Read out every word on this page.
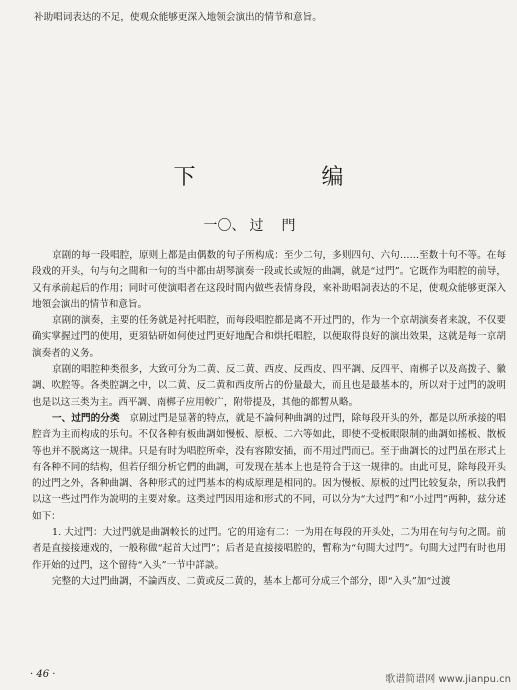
补助唱词表达的不足，使观众能够更深入地领会演出的情节和意旨。

下　编
一〇、 过門

京剧的每一段唱腔，原则上都是由偶数的句子所构成：至少二句，多则四句、六句……至数十句不等。在每段戏的开头，句与句之間和一句的当中都由胡琴演奏一段或长或短的曲調，就是“过門”。它既作为唱腔的前导，又有承前起后的作用；同时可使演唱者在这段时間内做些表情身段，來补助唱詞表达的不足，使观众能够更深入地領会演出的情节和意旨。

京剧的演奏，主要的任务就是衬托唱腔，而每段唱腔都是离不开过門的，作为一个京胡演奏者来說，不仅要确实掌握过門的使用，更須钻研如何使过門更好地配合和烘托唱腔，以便取得良好的演出效果，这就是每一京胡演奏者的义务。

京剧的唱腔种类很多，大致可分为二黄、反二黄、西皮、反西皮、四平調、反四平、南梆子以及高拨子、徽調、吹腔等。各类腔調之中，以二黄、反二黄和西皮所占的份量最大，而且也是最基本的，所以对于过門的說明也是以这三类为主。西平調、南梆子应用較广，附带提及，其他的都暫从略。

一、过門的分类　 京剧过門是显著的特点，就是不論何种曲調的过門，除每段开头的外，都是以所承接的唱腔音为主而构成的乐句。不仅各种有板曲調如慢板、原板、二六等如此，即使不受板眼限制的曲調如搖板、散板等也并不脱离这一规律。只是有时为唱腔所牵，没有容隙安插，而不用过門而已。至于曲調长的过門虽在形式上有各种不同的结构，但若仔细分析它們的曲調，可发现在基本上也是符合于这一规律的。由此可見，除每段开头的过門之外，各种曲調、各种形式的过門基本的构成原理是相同的。因为慢板、原板的过門比较复杂，所以我們以这一些过門作为說明的主要对象。这类过門因用途和形式的不同，可以分为“大过門”和“小过門”两种，兹分述如下：

1. 大过門：大过門就是曲調較长的过門。它的用途有二：一为用在每段的开头处，二为用在句与句之間。前者是直接接連戏的，一般称做“起首大过門”；后者是直接接唱腔的，暫称为“句間大过門”。句間大过門有时也用作开始的过門，这个留待“入头”一节中詳談。

完整的大过門曲調，不論西皮、二黄或反二黄的，基本上都可分成三个部分，即“入头”加“过渡

· 46 ·	歌谱简谱网 www.jianpu.cn
